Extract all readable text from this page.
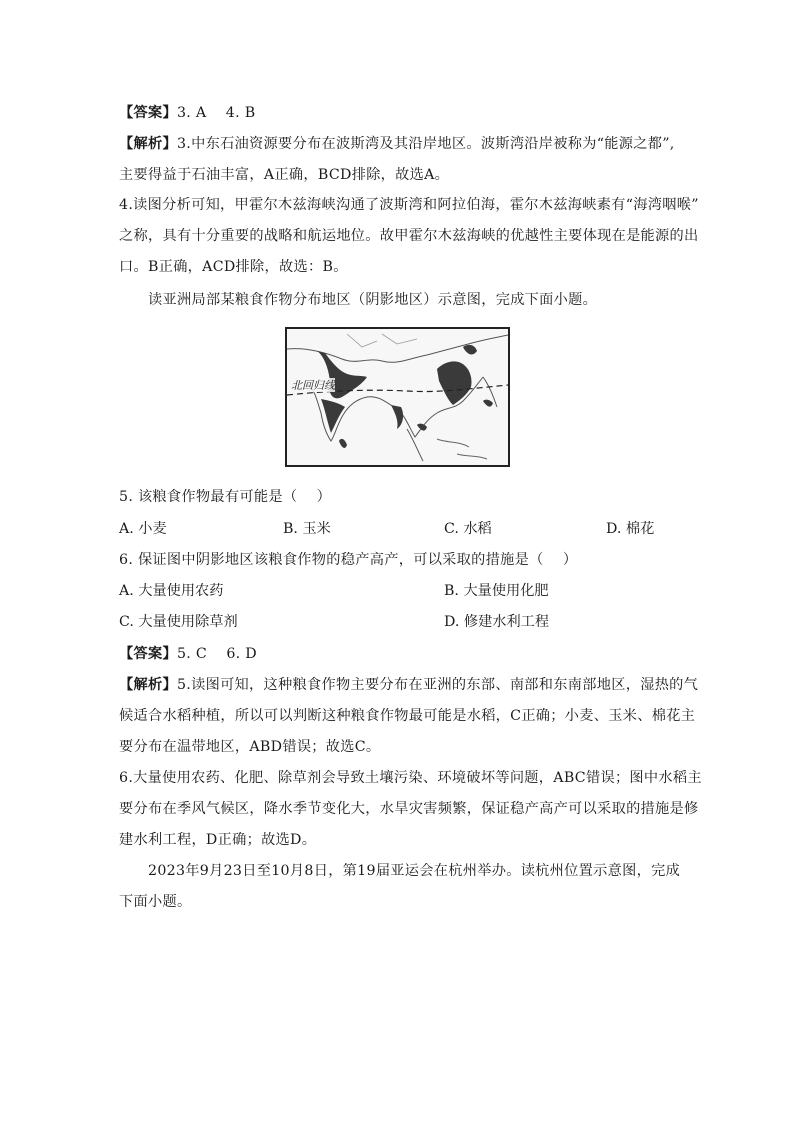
【答案】3. A　 4. B
【解析】3.中东石油资源要分布在波斯湾及其沿岸地区。波斯湾沿岸被称为“能源之都”,
主要得益于石油丰富，A正确，BCD排除，故选A。
4.读图分析可知，甲霍尔木兹海峡沟通了波斯湾和阿拉伯海，霍尔木兹海峡素有“海湾咽喉”
之称，具有十分重要的战略和航运地位。故甲霍尔木兹海峡的优越性主要体现在是能源的出
口。B正确，ACD排除，故选：B。
读亚洲局部某粮食作物分布地区（阴影地区）示意图，完成下面小题。
北回归线
5. 该粮食作物最有可能是（　 ）
A. 小麦	B. 玉米	C. 水稻	D. 棉花
6. 保证图中阴影地区该粮食作物的稳产高产，可以采取的措施是（　 ）
A. 大量使用农药	B. 大量使用化肥
C. 大量使用除草剂	D. 修建水利工程
【答案】5. C　 6. D
【解析】5.读图可知，这种粮食作物主要分布在亚洲的东部、南部和东南部地区，湿热的气
候适合水稻种植，所以可以判断这种粮食作物最可能是水稻，C正确；小麦、玉米、棉花主
要分布在温带地区，ABD错误；故选C。
6.大量使用农药、化肥、除草剂会导致土壤污染、环境破坏等问题，ABC错误；图中水稻主
要分布在季风气候区，降水季节变化大，水旱灾害频繁，保证稳产高产可以采取的措施是修
建水利工程，D正确；故选D。
2023年9月23日至10月8日，第19届亚运会在杭州举办。读杭州位置示意图，完成
下面小题。
